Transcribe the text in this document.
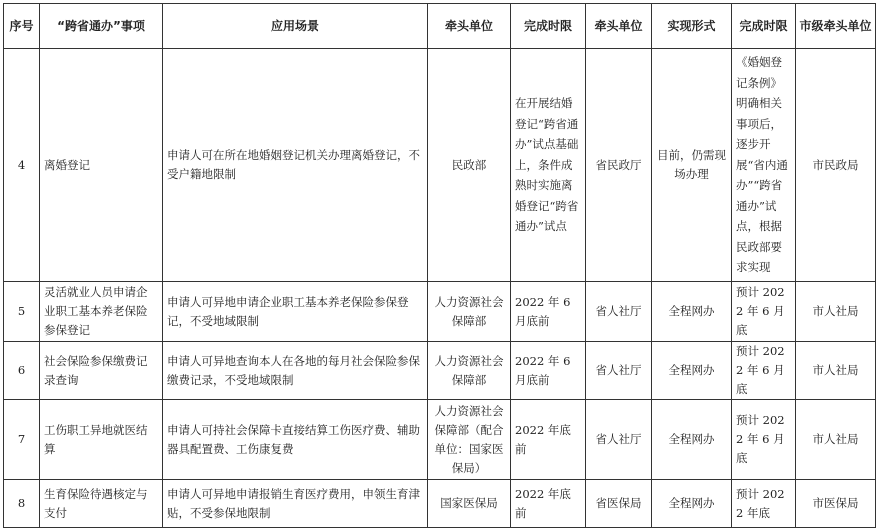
序号	“跨省通办”事项	应用场景	牵头单位	完成时限	牵头单位	实现形式	完成时限	市级牵头单位
4	离婚登记	申请人可在所在地婚姻登记机关办理离婚登记，不受户籍地限制	民政部	在开展结婚登记“跨省通办”试点基础上，条件成熟时实施离婚登记“跨省通办”试点	省民政厅	目前，仍需现场办理	《婚姻登记条例》明确相关事项后，逐步开展“省内通办”“跨省通办”试点，根据民政部要求实现	市民政局
5	灵活就业人员申请企业职工基本养老保险参保登记	申请人可异地申请企业职工基本养老保险参保登记，不受地域限制	人力资源社会保障部	2022 年 6 月底前	省人社厅	全程网办	预计 2022 年 6 月底	市人社局
6	社会保险参保缴费记录查询	申请人可异地查询本人在各地的每月社会保险参保缴费记录，不受地域限制	人力资源社会保障部	2022 年 6 月底前	省人社厅	全程网办	预计 2022 年 6 月底	市人社局
7	工伤职工异地就医结算	申请人可持社会保障卡直接结算工伤医疗费、辅助器具配置费、工伤康复费	人力资源社会保障部（配合单位：国家医保局）	2022 年底前	省人社厅	全程网办	预计 2022 年 6 月底	市人社局
8	生育保险待遇核定与支付	申请人可异地申请报销生育医疗费用，申领生育津贴，不受参保地限制	国家医保局	2022 年底前	省医保局	全程网办	预计 2022 年底	市医保局
